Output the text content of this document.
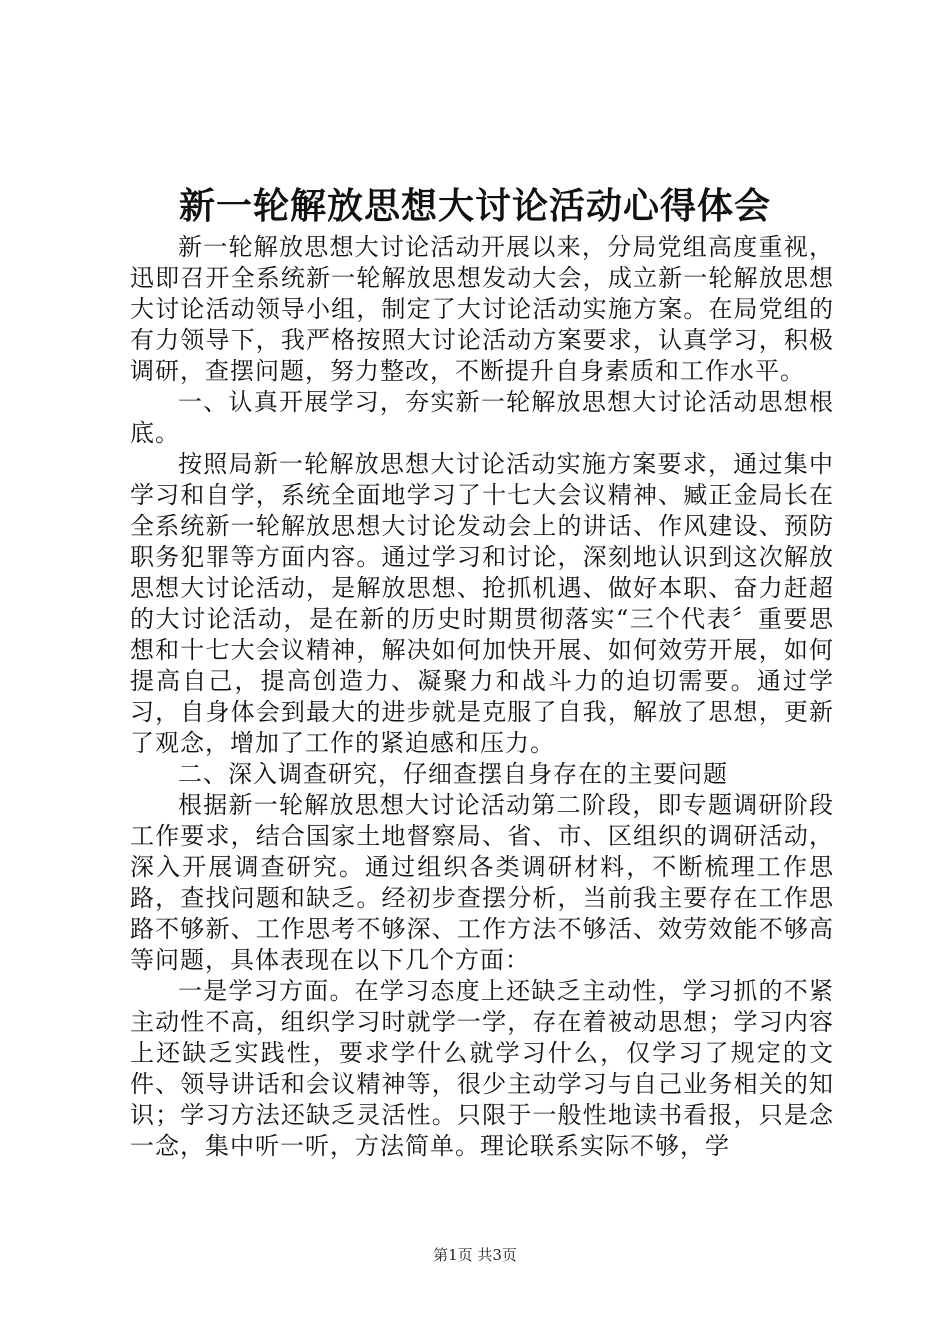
新一轮解放思想大讨论活动心得体会

新一轮解放思想大讨论活动开展以来，分局党组高度重视，迅即召开全系统新一轮解放思想发动大会，成立新一轮解放思想大讨论活动领导小组，制定了大讨论活动实施方案。在局党组的有力领导下，我严格按照大讨论活动方案要求，认真学习，积极调研，查摆问题，努力整改，不断提升自身素质和工作水平。

一、认真开展学习，夯实新一轮解放思想大讨论活动思想根底。

按照局新一轮解放思想大讨论活动实施方案要求，通过集中学习和自学，系统全面地学习了十七大会议精神、臧正金局长在全系统新一轮解放思想大讨论发动会上的讲话、作风建设、预防职务犯罪等方面内容。通过学习和讨论，深刻地认识到这次解放思想大讨论活动，是解放思想、抢抓机遇、做好本职、奋力赶超的大讨论活动，是在新的历史时期贯彻落实“三个代表〞重要思想和十七大会议精神，解决如何加快开展、如何效劳开展，如何提高自己，提高创造力、凝聚力和战斗力的迫切需要。通过学习，自身体会到最大的进步就是克服了自我，解放了思想，更新了观念，增加了工作的紧迫感和压力。

二、深入调查研究，仔细查摆自身存在的主要问题

根据新一轮解放思想大讨论活动第二阶段，即专题调研阶段工作要求，结合国家土地督察局、省、市、区组织的调研活动，深入开展调查研究。通过组织各类调研材料，不断梳理工作思路，查找问题和缺乏。经初步查摆分析，当前我主要存在工作思路不够新、工作思考不够深、工作方法不够活、效劳效能不够高等问题，具体表现在以下几个方面：

一是学习方面。在学习态度上还缺乏主动性，学习抓的不紧主动性不高，组织学习时就学一学，存在着被动思想；学习内容上还缺乏实践性，要求学什么就学习什么，仅学习了规定的文件、领导讲话和会议精神等，很少主动学习与自己业务相关的知识；学习方法还缺乏灵活性。只限于一般性地读书看报，只是念一念，集中听一听，方法简单。理论联系实际不够，学

第1页 共3页
